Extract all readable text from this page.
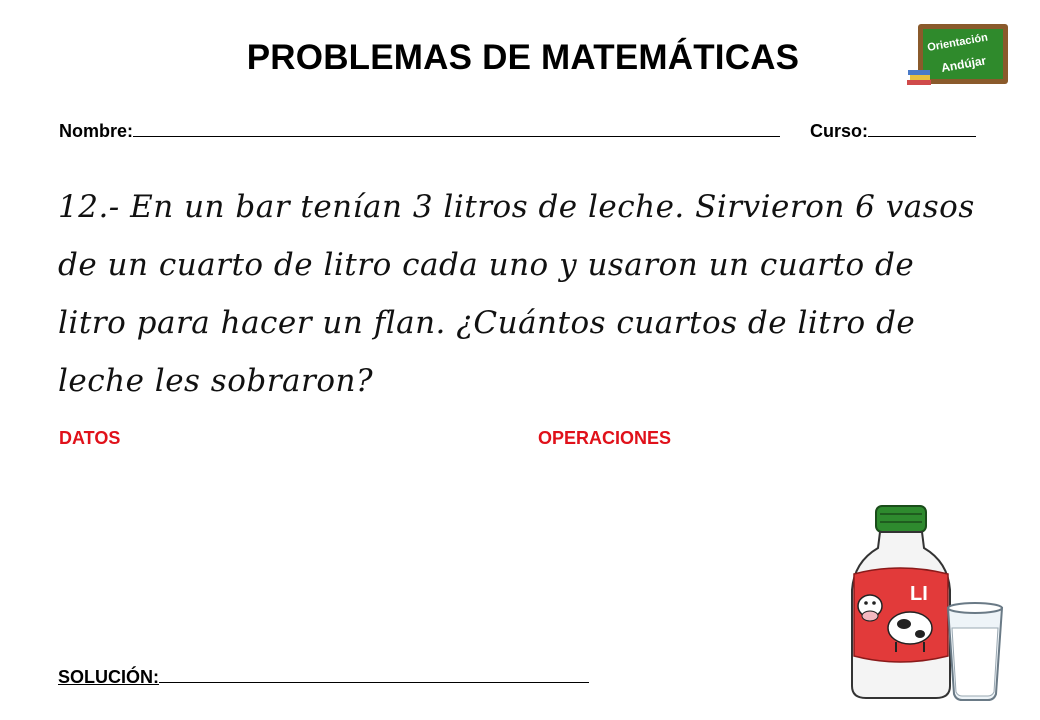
PROBLEMAS DE MATEMÁTICAS	Orientación
Andújar
Nombre:	Curso:
12.- En un bar tenían 3 litros de leche. Sirvieron 6 vasos
de un cuarto de litro cada uno y usaron un cuarto de
litro para hacer un flan. ¿Cuántos cuartos de litro de
leche les sobraron?
DATOS	OPERACIONES
SOLUCIÓN:
LI
